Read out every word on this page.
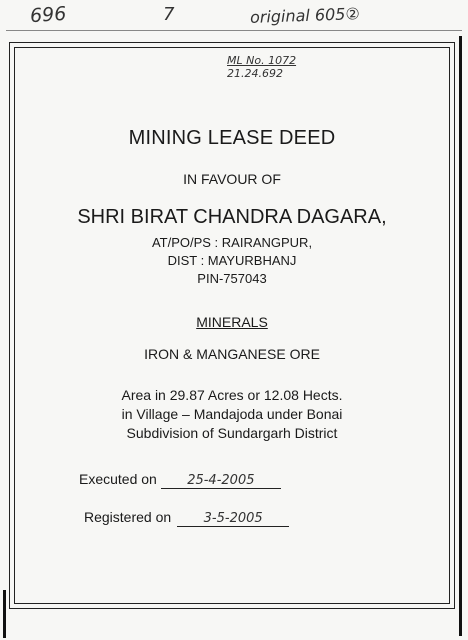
696	7	original 605②
ML No. 1072
21.24.692
MINING LEASE DEED
IN FAVOUR OF
SHRI BIRAT CHANDRA DAGARA,
AT/PO/PS : RAIRANGPUR,
DIST : MAYURBHANJ
PIN-757043
MINERALS
IRON & MANGANESE ORE
Area in 29.87 Acres or 12.08 Hects.
in Village – Mandajoda under Bonai
Subdivision of Sundargarh District
Executed on 25-4-2005
Registered on 3-5-2005
